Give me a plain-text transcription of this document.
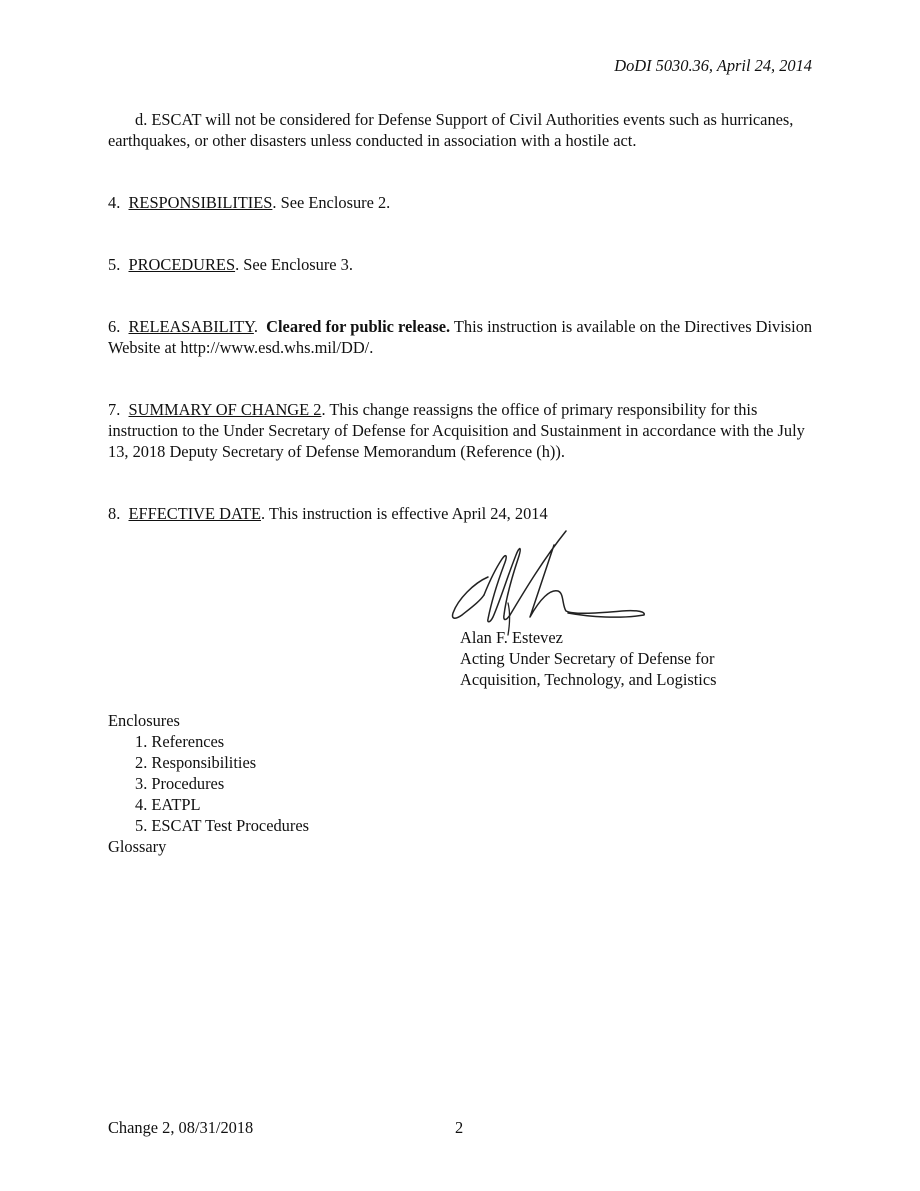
DoDI 5030.36, April 24, 2014

d. ESCAT will not be considered for Defense Support of Civil Authorities events such as hurricanes, earthquakes, or other disasters unless conducted in association with a hostile act.

4. RESPONSIBILITIES. See Enclosure 2.

5. PROCEDURES. See Enclosure 3.

6. RELEASABILITY.  Cleared for public release. This instruction is available on the Directives Division Website at http://www.esd.whs.mil/DD/.

7. SUMMARY OF CHANGE 2. This change reassigns the office of primary responsibility for this instruction to the Under Secretary of Defense for Acquisition and Sustainment in accordance with the July 13, 2018 Deputy Secretary of Defense Memorandum (Reference (h)).

8. EFFECTIVE DATE. This instruction is effective April 24, 2014

Alan F. Estevez
Acting Under Secretary of Defense for
Acquisition, Technology, and Logistics
Enclosures
1. References
2. Responsibilities
3. Procedures
4. EATPL
5. ESCAT Test Procedures
Glossary
Change 2, 08/31/2018	2
